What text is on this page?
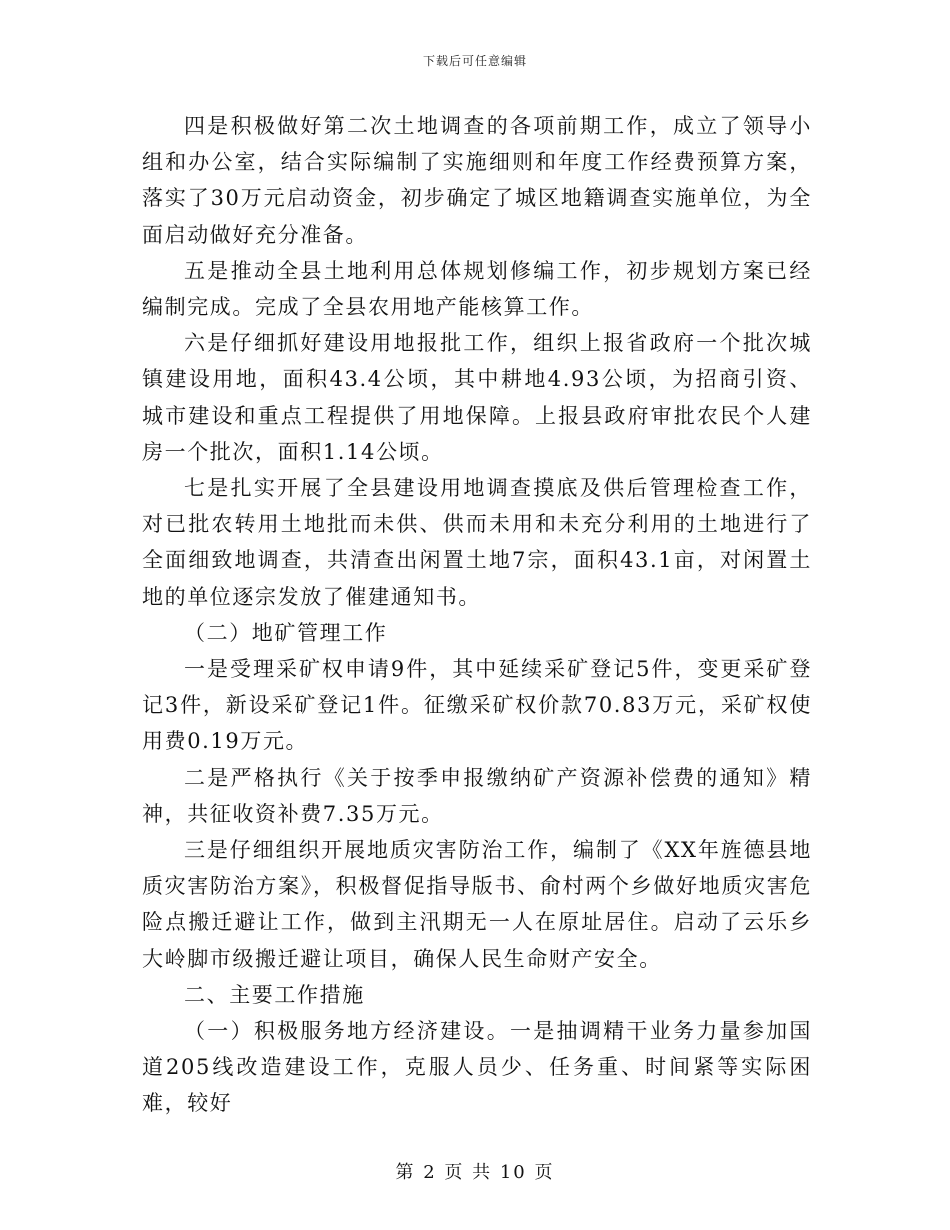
下载后可任意编辑

四是积极做好第二次土地调查的各项前期工作，成立了领导小组和办公室，结合实际编制了实施细则和年度工作经费预算方案，落实了30万元启动资金，初步确定了城区地籍调查实施单位，为全面启动做好充分准备。

五是推动全县土地利用总体规划修编工作，初步规划方案已经编制完成。完成了全县农用地产能核算工作。

六是仔细抓好建设用地报批工作，组织上报省政府一个批次城镇建设用地，面积43.4公顷，其中耕地4.93公顷，为招商引资、城市建设和重点工程提供了用地保障。上报县政府审批农民个人建房一个批次，面积1.14公顷。

七是扎实开展了全县建设用地调查摸底及供后管理检查工作，对已批农转用土地批而未供、供而未用和未充分利用的土地进行了全面细致地调查，共清查出闲置土地7宗，面积43.1亩，对闲置土地的单位逐宗发放了催建通知书。

（二）地矿管理工作

一是受理采矿权申请9件，其中延续采矿登记5件，变更采矿登记3件，新设采矿登记1件。征缴采矿权价款70.83万元，采矿权使用费0.19万元。

二是严格执行《关于按季申报缴纳矿产资源补偿费的通知》精神，共征收资补费7.35万元。

三是仔细组织开展地质灾害防治工作，编制了《XX年旌德县地质灾害防治方案》，积极督促指导版书、俞村两个乡做好地质灾害危险点搬迁避让工作，做到主汛期无一人在原址居住。启动了云乐乡大岭脚市级搬迁避让项目，确保人民生命财产安全。

二、主要工作措施

（一）积极服务地方经济建设。一是抽调精干业务力量参加国道205线改造建设工作，克服人员少、任务重、时间紧等实际困难，较好

第 2 页 共 10 页
